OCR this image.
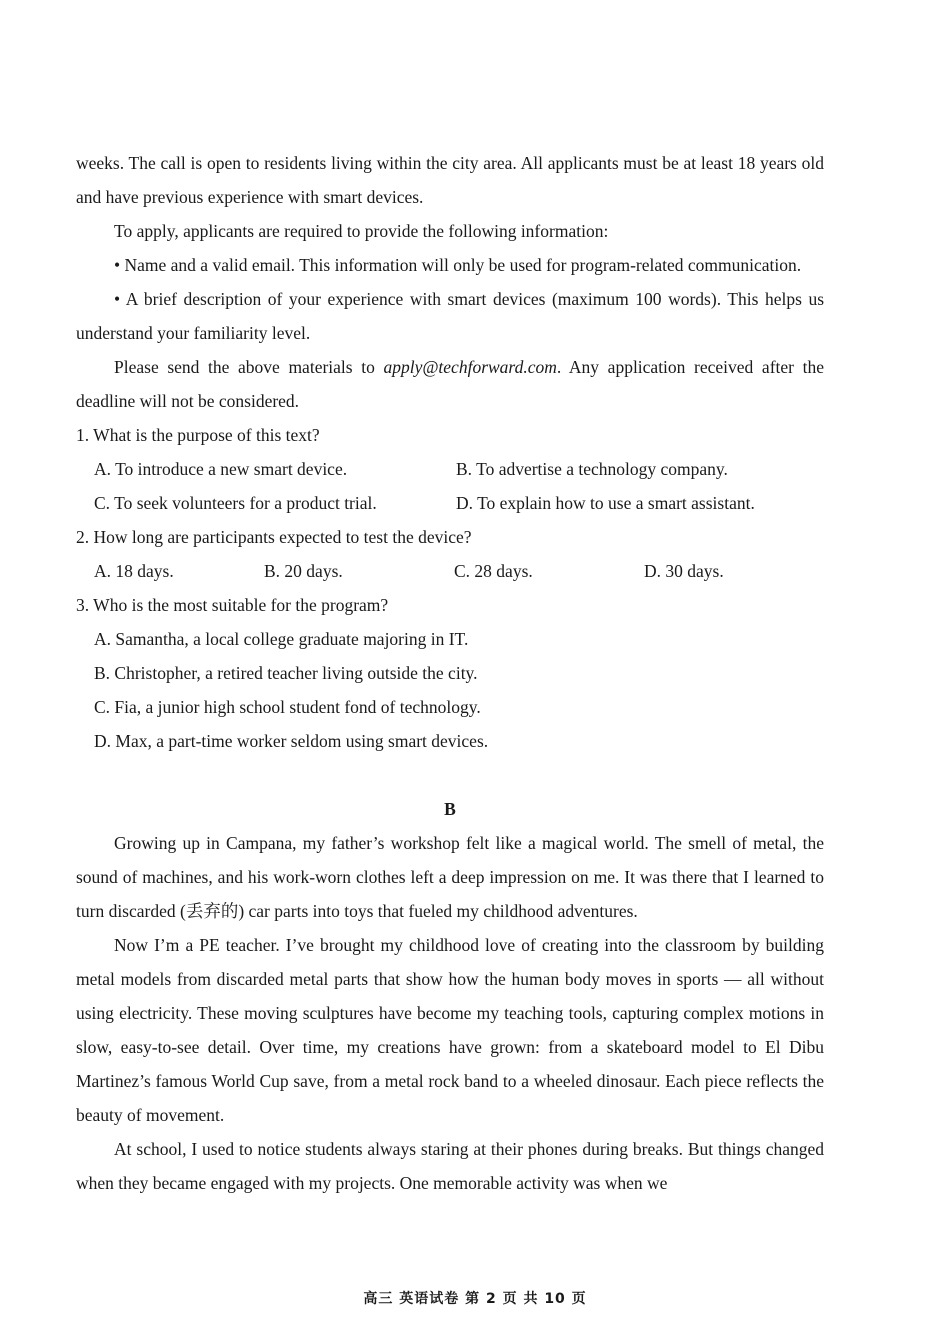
weeks. The call is open to residents living within the city area. All applicants must be at least 18 years old and have previous experience with smart devices.

To apply, applicants are required to provide the following information:

• Name and a valid email. This information will only be used for program-related communication.

• A brief description of your experience with smart devices (maximum 100 words). This helps us understand your familiarity level.

Please send the above materials to apply@techforward.com. Any application received after the deadline will not be considered.

1. What is the purpose of this text?

A. To introduce a new smart device.	B. To advertise a technology company.
C. To seek volunteers for a product trial.	D. To explain how to use a smart assistant.

2. How long are participants expected to test the device?

A. 18 days.	B. 20 days.	C. 28 days.	D. 30 days.

3. Who is the most suitable for the program?

A. Samantha, a local college graduate majoring in IT.
B. Christopher, a retired teacher living outside the city.
C. Fia, a junior high school student fond of technology.
D. Max, a part-time worker seldom using smart devices.
B

Growing up in Campana, my father’s workshop felt like a magical world. The smell of metal, the sound of machines, and his work-worn clothes left a deep impression on me. It was there that I learned to turn discarded (丢弃的) car parts into toys that fueled my childhood adventures.

Now I’m a PE teacher. I’ve brought my childhood love of creating into the classroom by building metal models from discarded metal parts that show how the human body moves in sports — all without using electricity. These moving sculptures have become my teaching tools, capturing complex motions in slow, easy-to-see detail. Over time, my creations have grown: from a skateboard model to El Dibu Martinez’s famous World Cup save, from a metal rock band to a wheeled dinosaur. Each piece reflects the beauty of movement.

At school, I used to notice students always staring at their phones during breaks. But things changed when they became engaged with my projects. One memorable activity was when we

高三 英语试卷 第 2 页 共 10 页
